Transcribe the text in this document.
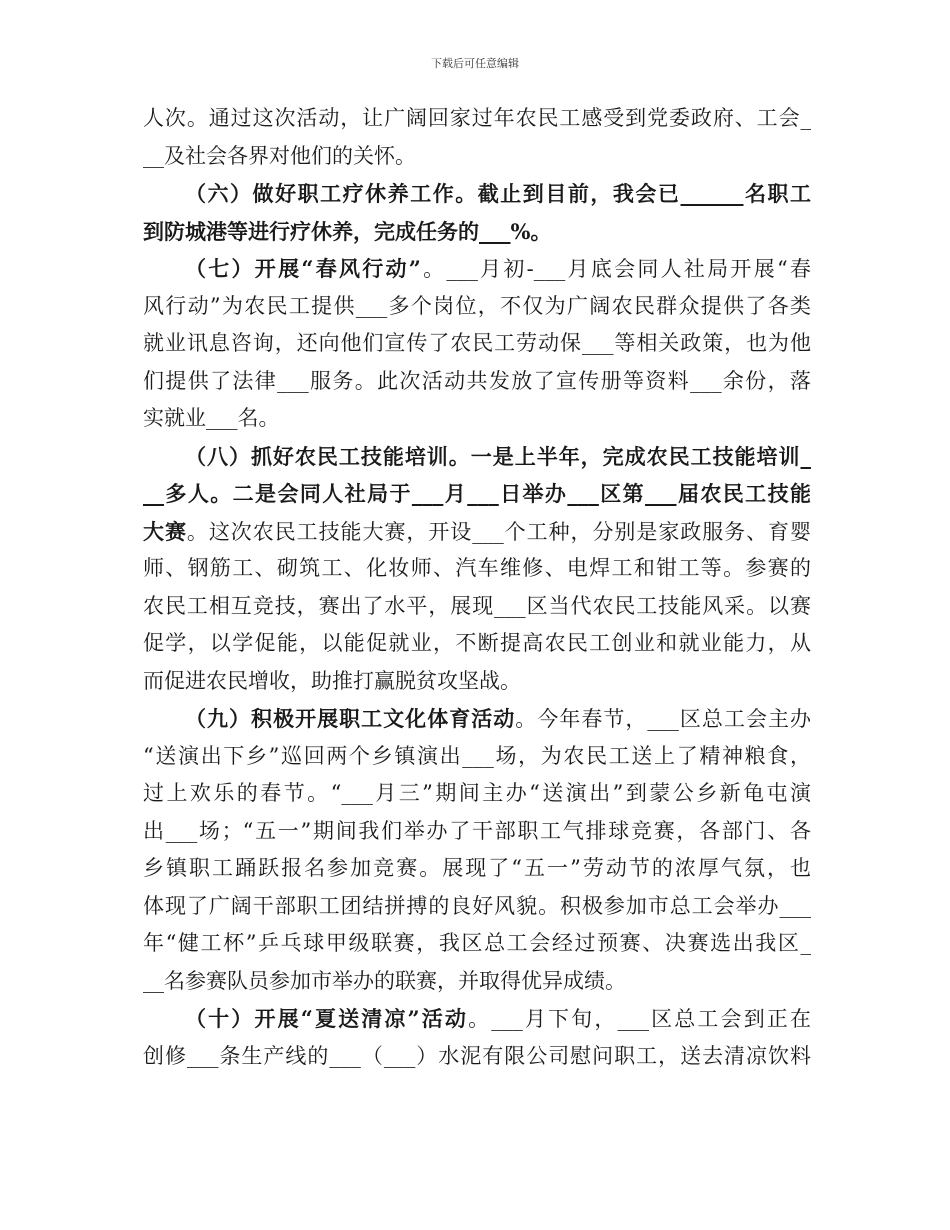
下载后可任意编辑
人次。通过这次活动，让广阔回家过年农民工感受到党委政府、工会_
__及社会各界对他们的关怀。
（六）做好职工疗休养工作。截止到目前，我会已______名职工
到防城港等进行疗休养，完成任务的___%。
（七）开展“春风行动”。___月初-___月底会同人社局开展“春
风行动”为农民工提供___多个岗位，不仅为广阔农民群众提供了各类
就业讯息咨询，还向他们宣传了农民工劳动保___等相关政策，也为他
们提供了法律___服务。此次活动共发放了宣传册等资料___余份，落
实就业___名。
（八）抓好农民工技能培训。一是上半年，完成农民工技能培训_
__多人。二是会同人社局于___月___日举办___区第___届农民工技能
大赛。这次农民工技能大赛，开设___个工种，分别是家政服务、育婴
师、钢筋工、砌筑工、化妆师、汽车维修、电焊工和钳工等。参赛的
农民工相互竞技，赛出了水平，展现___区当代农民工技能风采。以赛
促学，以学促能，以能促就业，不断提高农民工创业和就业能力，从
而促进农民增收，助推打赢脱贫攻坚战。
（九）积极开展职工文化体育活动。今年春节，___区总工会主办
“送演出下乡”巡回两个乡镇演出___场，为农民工送上了精神粮食，
过上欢乐的春节。“___月三”期间主办“送演出”到蒙公乡新龟屯演
出___场；“五一”期间我们举办了干部职工气排球竞赛，各部门、各
乡镇职工踊跃报名参加竞赛。展现了“五一”劳动节的浓厚气氛，也
体现了广阔干部职工团结拼搏的良好风貌。积极参加市总工会举办___
年“健工杯”乒乓球甲级联赛，我区总工会经过预赛、决赛选出我区_
__名参赛队员参加市举办的联赛，并取得优异成绩。
（十）开展“夏送清凉”活动。___月下旬，___区总工会到正在
创修___条生产线的___（___）水泥有限公司慰问职工，送去清凉饮料
